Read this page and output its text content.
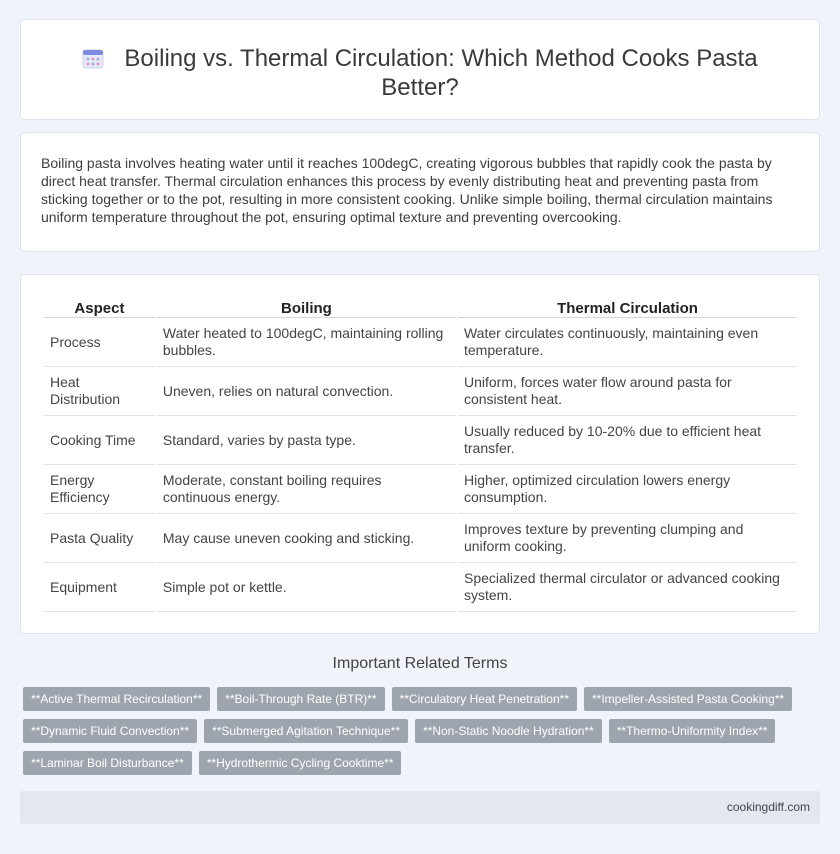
Boiling vs. Thermal Circulation: Which Method Cooks Pasta Better?

Boiling pasta involves heating water until it reaches 100degC, creating vigorous bubbles that rapidly cook the pasta by direct heat transfer. Thermal circulation enhances this process by evenly distributing heat and preventing pasta from sticking together or to the pot, resulting in more consistent cooking. Unlike simple boiling, thermal circulation maintains uniform temperature throughout the pot, ensuring optimal texture and preventing overcooking.

Aspect	Boiling	Thermal Circulation
Process	Water heated to 100degC, maintaining rolling bubbles.	Water circulates continuously, maintaining even temperature.
Heat Distribution	Uneven, relies on natural convection.	Uniform, forces water flow around pasta for consistent heat.
Cooking Time	Standard, varies by pasta type.	Usually reduced by 10-20% due to efficient heat transfer.
Energy Efficiency	Moderate, constant boiling requires continuous energy.	Higher, optimized circulation lowers energy consumption.
Pasta Quality	May cause uneven cooking and sticking.	Improves texture by preventing clumping and uniform cooking.
Equipment	Simple pot or kettle.	Specialized thermal circulator or advanced cooking system.
Important Related Terms
**Active Thermal Recirculation** **Boil-Through Rate (BTR)** **Circulatory Heat Penetration** **Impeller-Assisted Pasta Cooking****Dynamic Fluid Convection** **Submerged Agitation Technique** **Non-Static Noodle Hydration** **Thermo-Uniformity Index****Laminar Boil Disturbance** **Hydrothermic Cycling Cooktime**
cookingdiff.com
